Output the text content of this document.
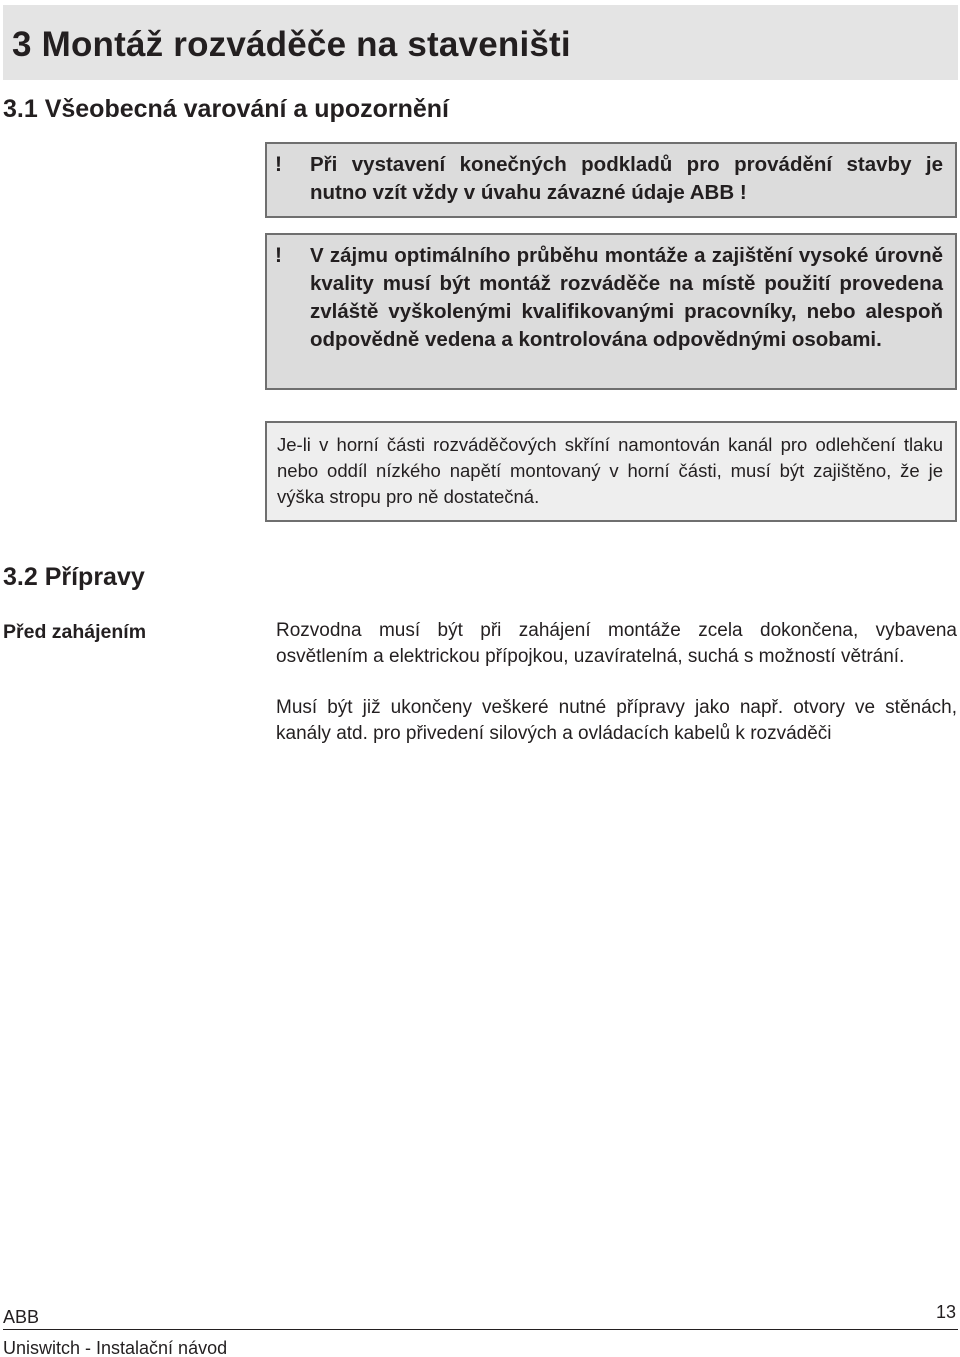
3 Montáž rozváděče na staveništi
3.1 Všeobecná varování a upozornění
! Při vystavení konečných podkladů pro provádění stavby je nutno vzít vždy v úvahu závazné údaje ABB !
! V zájmu optimálního průběhu montáže a zajištění vysoké úrovně kvality musí být montáž rozváděče na místě použití provedena zvláště vyškolenými kvalifikovanými pracovníky, nebo alespoň odpovědně vedena a kontrolována odpovědnými osobami.
Je-li v horní části rozváděčových skříní namontován kanál pro odlehčení tlaku nebo oddíl nízkého napětí montovaný v horní části, musí být zajištěno, že je výška stropu pro ně dostatečná.
3.2 Přípravy
Před zahájením	Rozvodna musí být při zahájení montáže zcela dokončena, vybavena osvětlením a elektrickou přípojkou, uzavíratelná, suchá s možností větrání.
Musí být již ukončeny veškeré nutné přípravy jako např. otvory ve stěnách, kanály atd. pro přivedení silových a ovládacích kabelů k rozváděči
ABB	13
Uniswitch - Instalační návod
